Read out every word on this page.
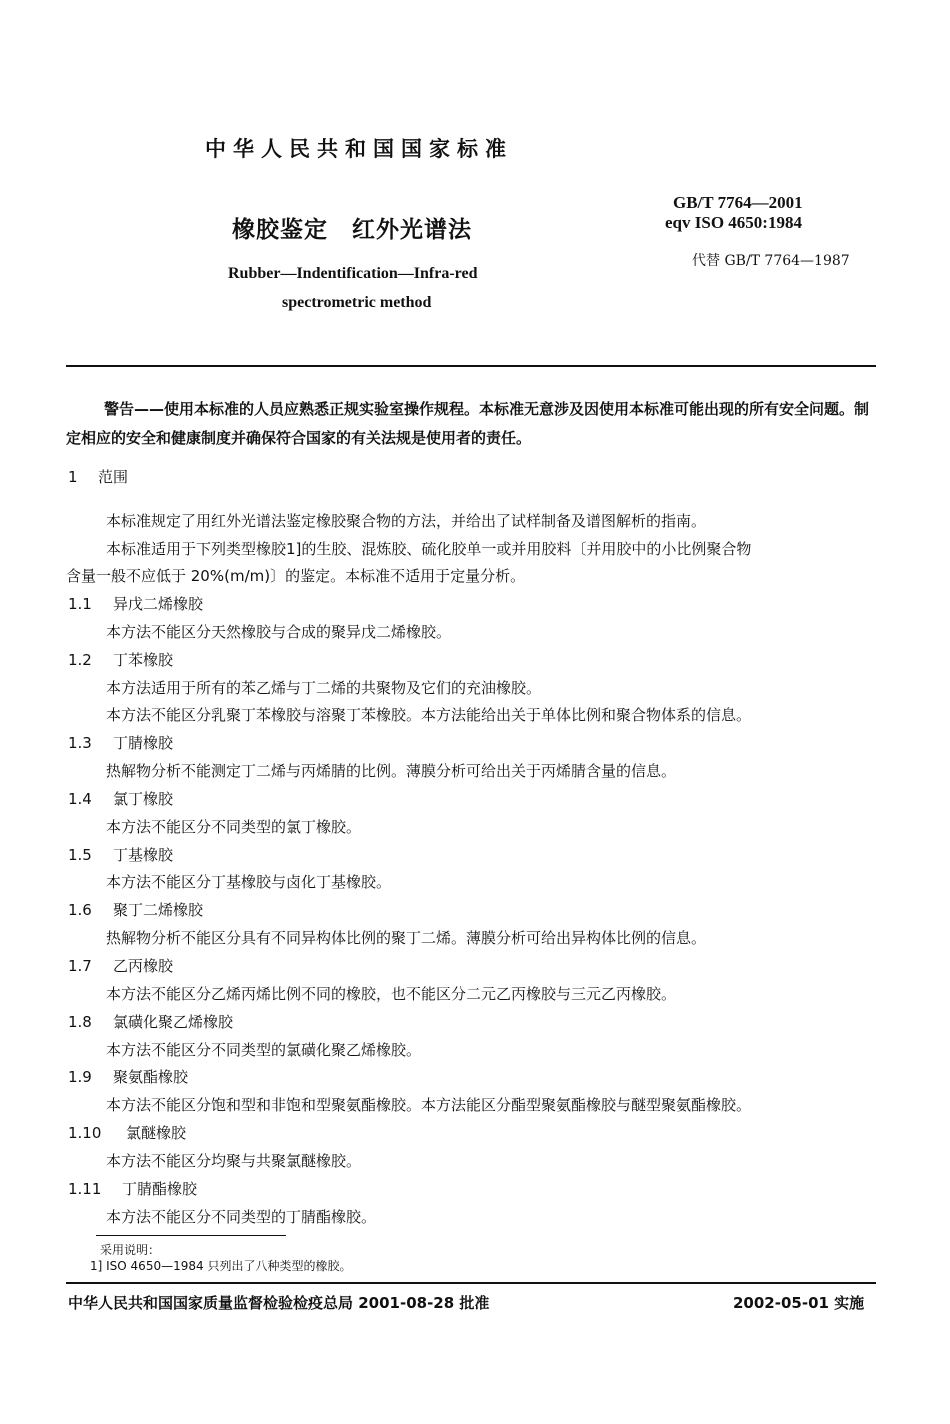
中华人民共和国国家标准
GB/T 7764—2001
eqv ISO 4650:1984
橡胶鉴定　红外光谱法
代替 GB/T 7764—1987
Rubber—Indentification—Infra-red
spectrometric method
警告——使用本标准的人员应熟悉正规实验室操作规程。本标准无意涉及因使用本标准可能出现的所有安全问题。制定相应的安全和健康制度并确保符合国家的有关法规是使用者的责任。
1 范围
本标准规定了用红外光谱法鉴定橡胶聚合物的方法，并给出了试样制备及谱图解析的指南。
本标准适用于下列类型橡胶1]的生胶、混炼胶、硫化胶单一或并用胶料〔并用胶中的小比例聚合物
含量一般不应低于 20%(m/m)〕的鉴定。本标准不适用于定量分析。
1.1 异戊二烯橡胶
本方法不能区分天然橡胶与合成的聚异戊二烯橡胶。
1.2 丁苯橡胶
本方法适用于所有的苯乙烯与丁二烯的共聚物及它们的充油橡胶。
本方法不能区分乳聚丁苯橡胶与溶聚丁苯橡胶。本方法能给出关于单体比例和聚合物体系的信息。
1.3 丁腈橡胶
热解物分析不能测定丁二烯与丙烯腈的比例。薄膜分析可给出关于丙烯腈含量的信息。
1.4 氯丁橡胶
本方法不能区分不同类型的氯丁橡胶。
1.5 丁基橡胶
本方法不能区分丁基橡胶与卤化丁基橡胶。
1.6 聚丁二烯橡胶
热解物分析不能区分具有不同异构体比例的聚丁二烯。薄膜分析可给出异构体比例的信息。
1.7 乙丙橡胶
本方法不能区分乙烯丙烯比例不同的橡胶，也不能区分二元乙丙橡胶与三元乙丙橡胶。
1.8 氯磺化聚乙烯橡胶
本方法不能区分不同类型的氯磺化聚乙烯橡胶。
1.9 聚氨酯橡胶
本方法不能区分饱和型和非饱和型聚氨酯橡胶。本方法能区分酯型聚氨酯橡胶与醚型聚氨酯橡胶。
1.10 氯醚橡胶
本方法不能区分均聚与共聚氯醚橡胶。
1.11 丁腈酯橡胶
本方法不能区分不同类型的丁腈酯橡胶。
采用说明：
1] ISO 4650—1984 只列出了八种类型的橡胶。
中华人民共和国国家质量监督检验检疫总局 2001-08-28 批准	2002-05-01 实施
